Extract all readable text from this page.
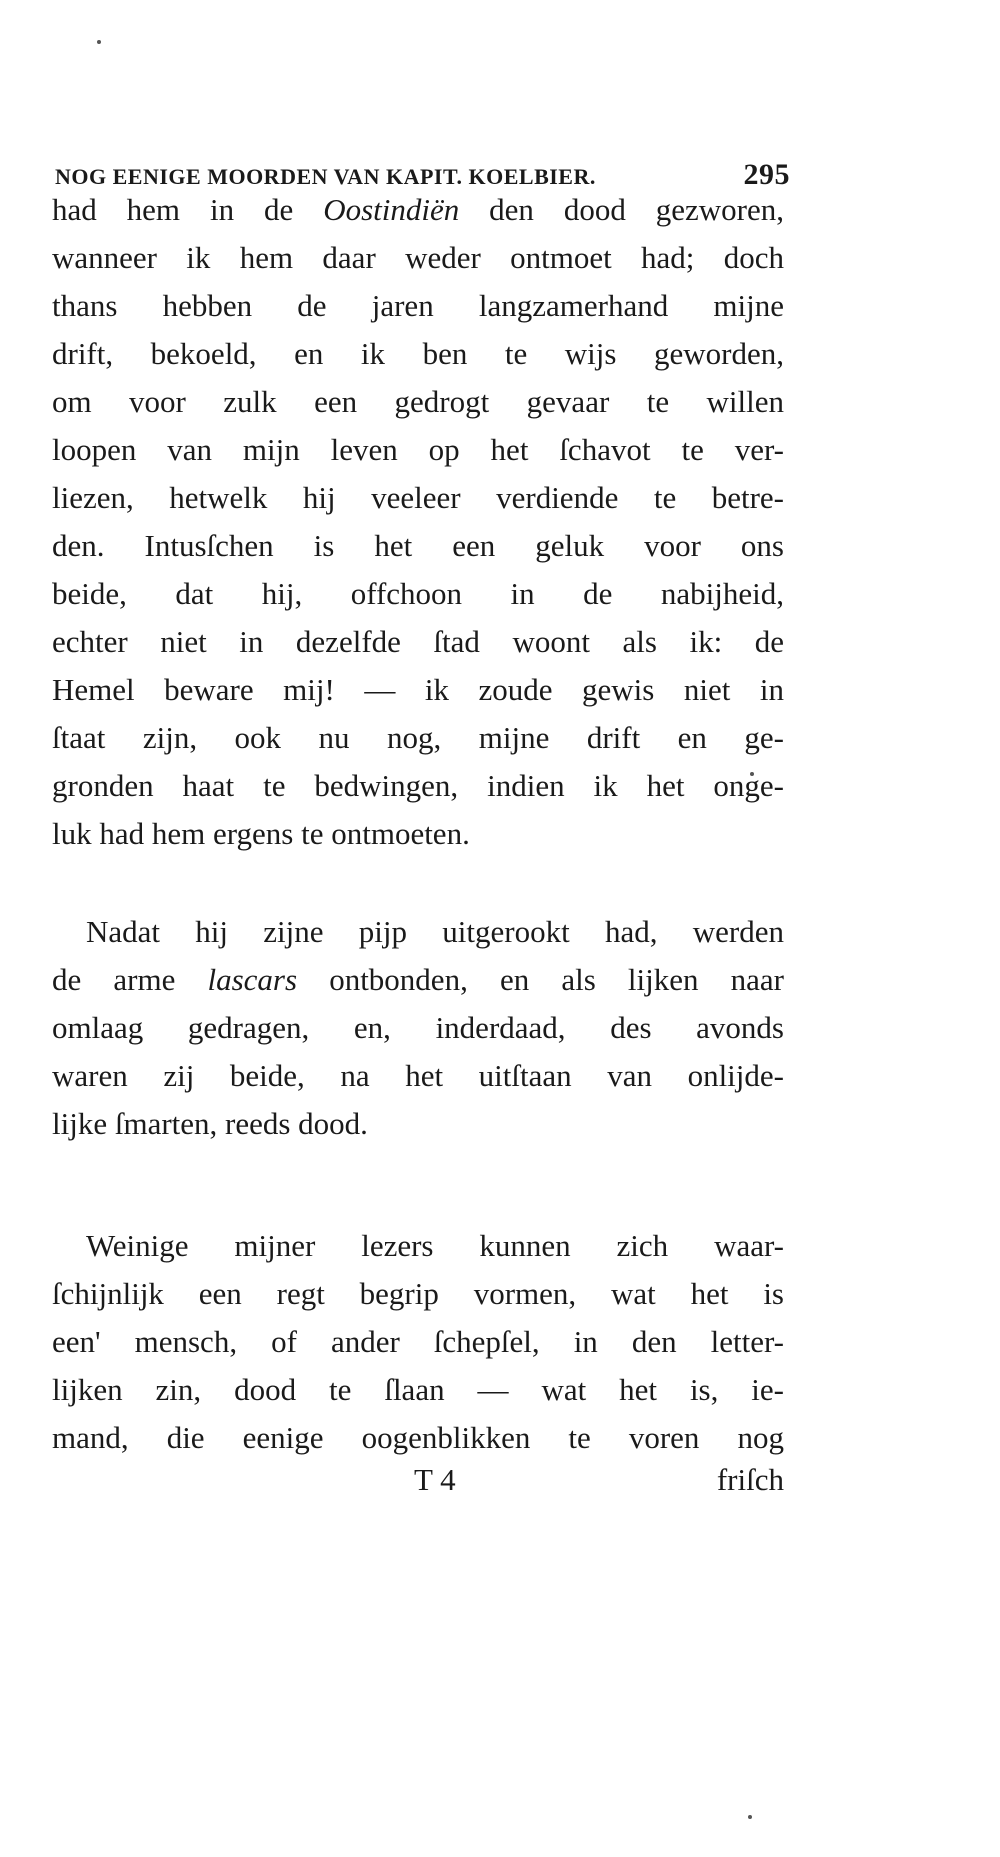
NOG EENIGE MOORDEN VAN KAPIT. KOELBIER.	295
had hem in de Oostindiën den dood gezworen,
wanneer ik hem daar weder ontmoet had; doch
thans hebben de jaren langzamerhand mijne
drift, bekoeld, en ik ben te wijs geworden,
om voor zulk een gedrogt gevaar te willen
loopen van mijn leven op het ſchavot te ver-
liezen, hetwelk hij veeleer verdiende te betre-
den. Intusſchen is het een geluk voor ons
beide, dat hij, offchoon in de nabijheid,
echter niet in dezelfde ſtad woont als ik: de
Hemel beware mij! — ik zoude gewis niet in
ſtaat zijn, ook nu nog, mijne drift en ge-
gronden haat te bedwingen, indien ik het onge-
luk had hem ergens te ontmoeten.
Nadat hij zijne pijp uitgerookt had, werden
de arme lascars ontbonden, en als lijken naar
omlaag gedragen, en, inderdaad, des avonds
waren zij beide, na het uitſtaan van onlijde-
lijke ſmarten, reeds dood.
Weinige mijner lezers kunnen zich waar-
ſchijnlijk een regt begrip vormen, wat het is
een' mensch, of ander ſchepſel, in den letter-
lijken zin, dood te ſlaan — wat het is, ie-
mand, die eenige oogenblikken te voren nog
T 4	friſch
